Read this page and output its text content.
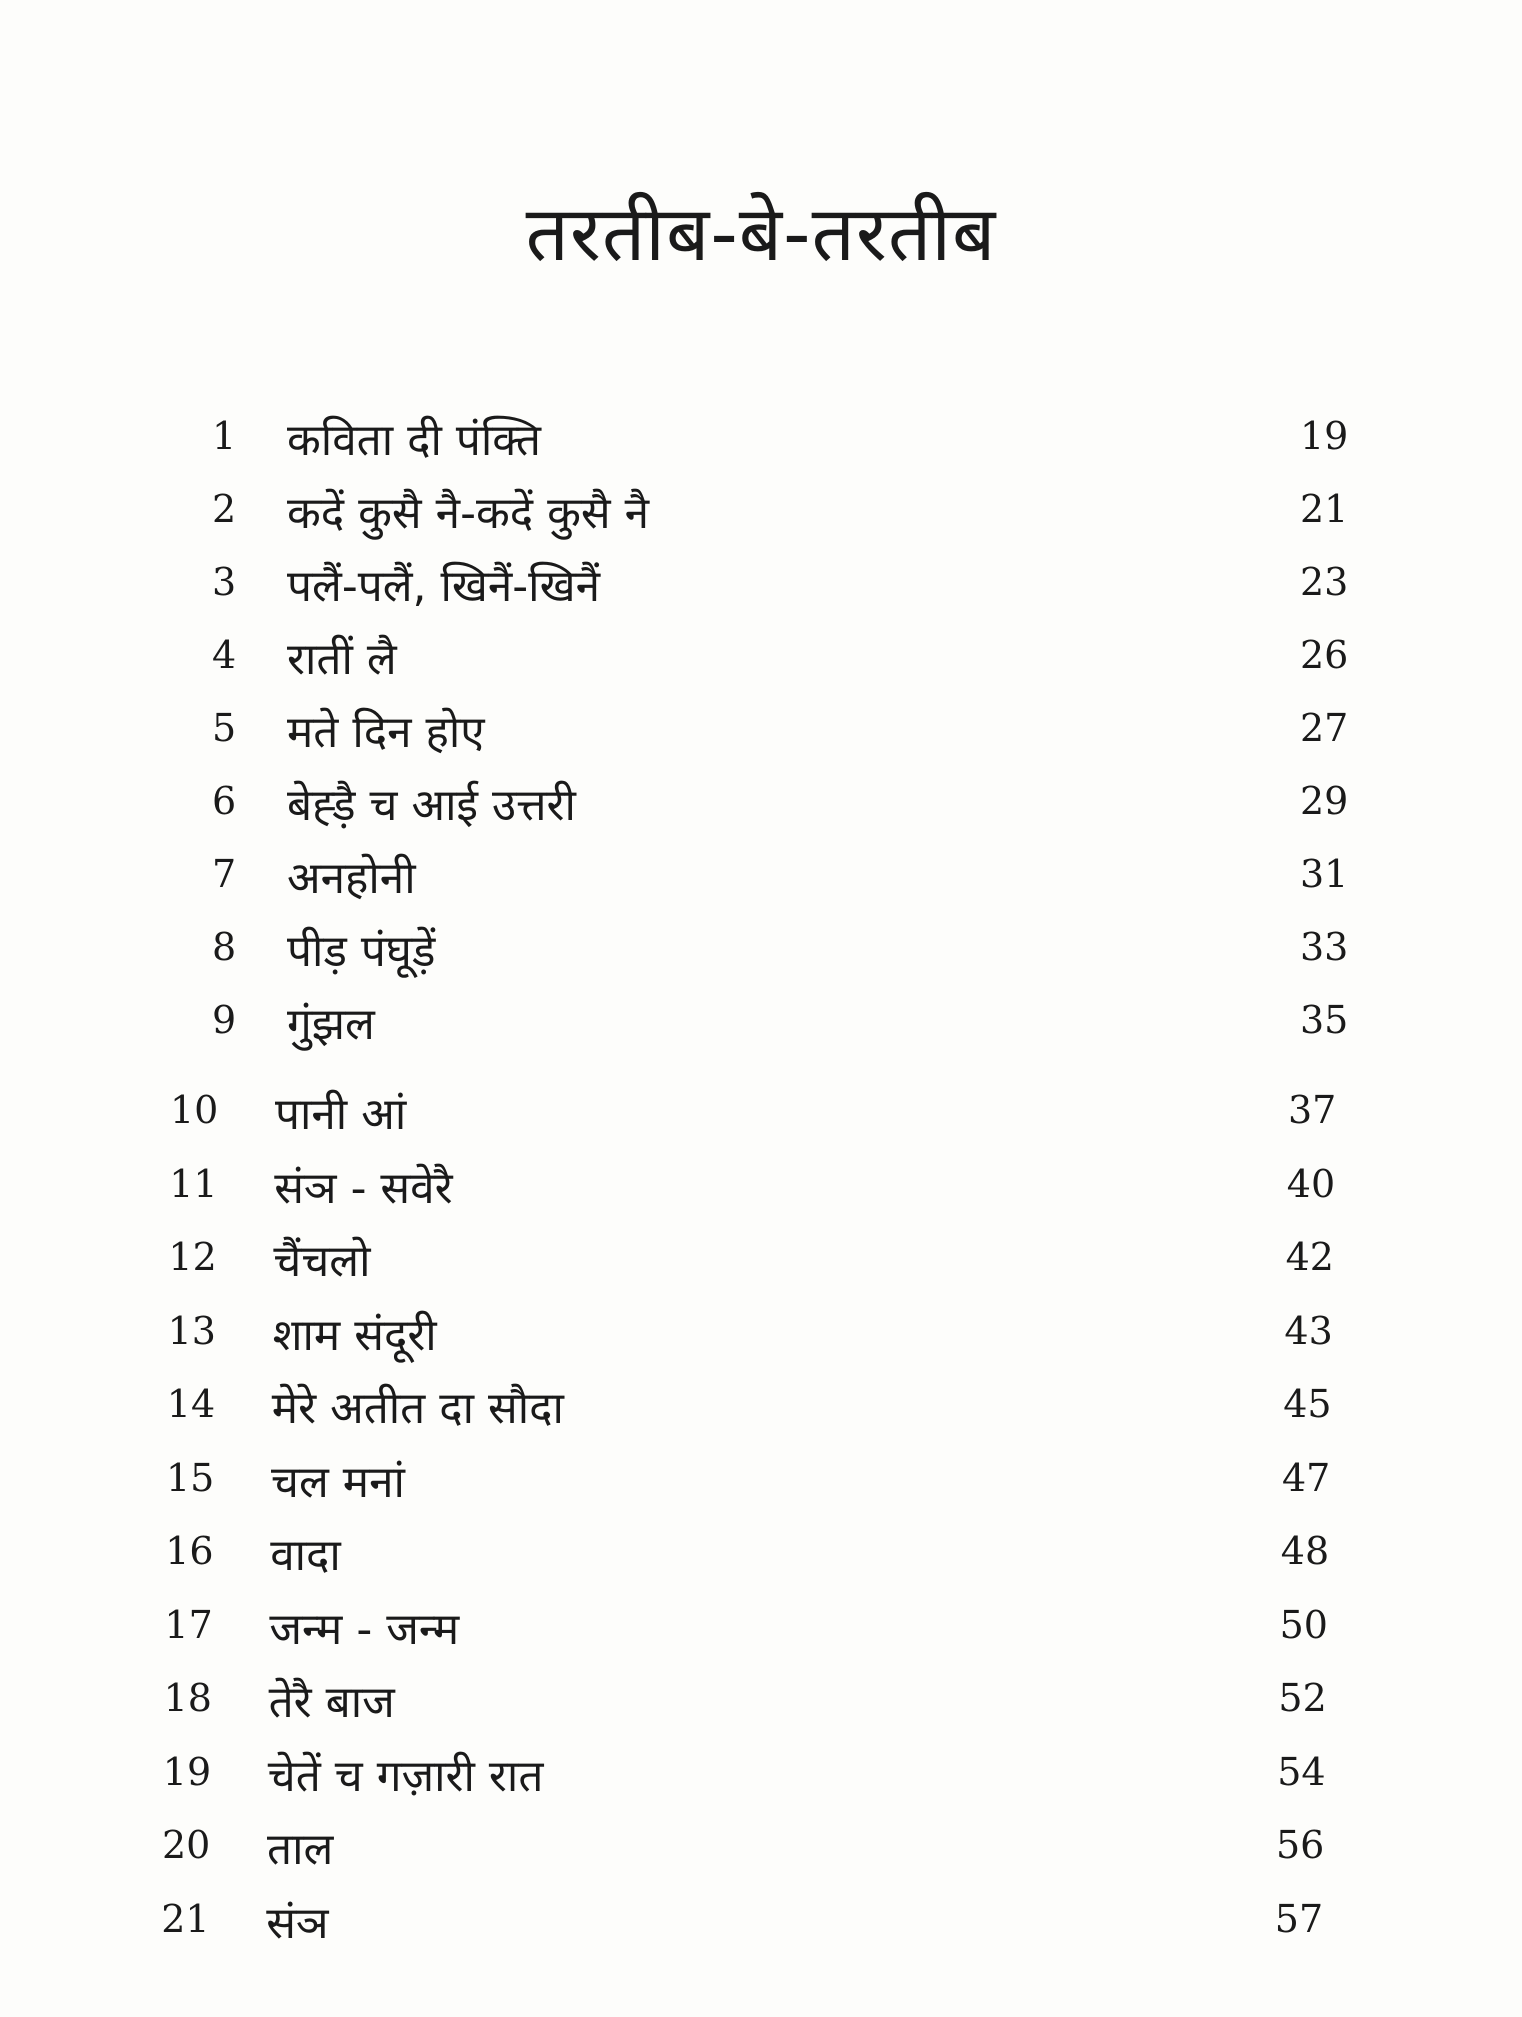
तरतीब-बे-तरतीब
1 कविता दी पंक्ति	19
2 कदें कुसै नै-कदें कुसै नै	21
3 पलैं-पलैं, खिनैं-खिनैं	23
4 रातीं लै	26
5 मते दिन होए	27
6 बेह्ड़ै च आई उत्तरी	29
7 अनहोनी	31
8 पीड़ पंघूड़ें	33
9 गुंझल	35
10 पानी आं	37
11 संञ - सवेरै	40
12 चैंचलो	42
13 शाम संदूरी	43
14 मेरे अतीत दा सौदा	45
15 चल मनां	47
16 वादा	48
17 जन्म - जन्म	50
18 तेरै बाज	52
19 चेतें च गज़ारी रात	54
20 ताल	56
21 संञ	57
